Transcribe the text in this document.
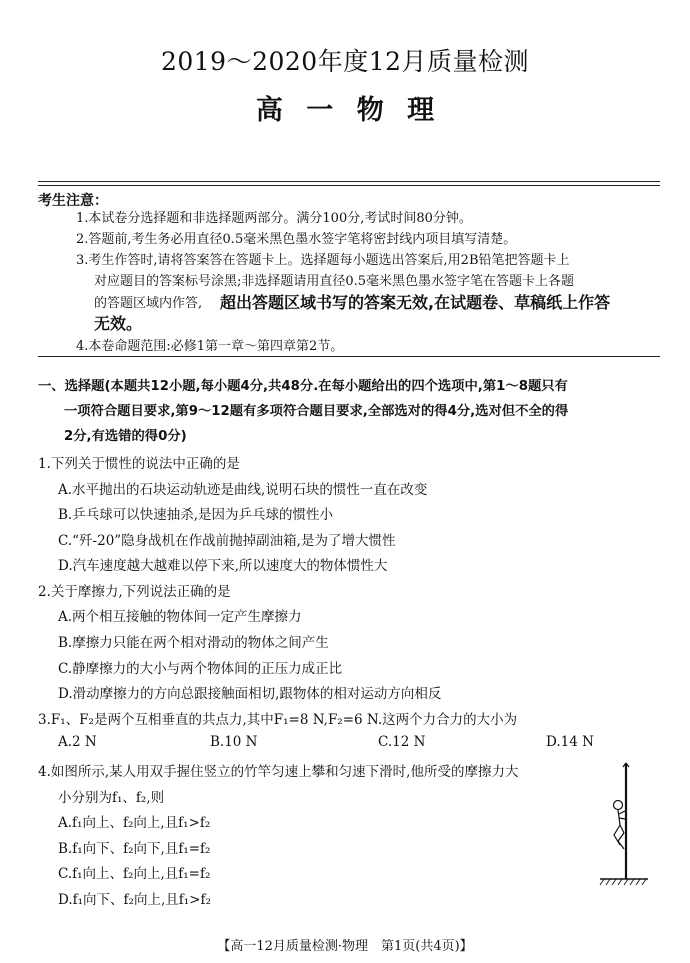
2019～2020年度12月质量检测
高 一 物 理
考生注意：
1.本试卷分选择题和非选择题两部分。满分100分,考试时间80分钟。
2.答题前,考生务必用直径0.5毫米黑色墨水签字笔将密封线内项目填写清楚。
3.考生作答时,请将答案答在答题卡上。选择题每小题选出答案后,用2B铅笔把答题卡上
对应题目的答案标号涂黑;非选择题请用直径0.5毫米黑色墨水签字笔在答题卡上各题
的答题区域内作答,	超出答题区域书写的答案无效,在试题卷、草稿纸上作答
无效。
4.本卷命题范围:必修1第一章～第四章第2节。
一、选择题(本题共12小题,每小题4分,共48分.在每小题给出的四个选项中,第1～8题只有
一项符合题目要求,第9～12题有多项符合题目要求,全部选对的得4分,选对但不全的得
2分,有选错的得0分)
1.下列关于惯性的说法中正确的是
A.水平抛出的石块运动轨迹是曲线,说明石块的惯性一直在改变
B.乒乓球可以快速抽杀,是因为乒乓球的惯性小
C.“歼-20”隐身战机在作战前抛掉副油箱,是为了增大惯性
D.汽车速度越大越难以停下来,所以速度大的物体惯性大
2.关于摩擦力,下列说法正确的是
A.两个相互接触的物体间一定产生摩擦力
B.摩擦力只能在两个相对滑动的物体之间产生
C.静摩擦力的大小与两个物体间的正压力成正比
D.滑动摩擦力的方向总跟接触面相切,跟物体的相对运动方向相反
3.F₁、F₂是两个互相垂直的共点力,其中F₁=8 N,F₂=6 N.这两个力合力的大小为
A.2 N	B.10 N	C.12 N	D.14 N
4.如图所示,某人用双手握住竖立的竹竿匀速上攀和匀速下滑时,他所受的摩擦力大
小分别为f₁、f₂,则
A.f₁向上、f₂向上,且f₁>f₂
B.f₁向下、f₂向下,且f₁=f₂
C.f₁向上、f₂向上,且f₁=f₂
D.f₁向下、f₂向上,且f₁>f₂
【高一12月质量检测·物理　第1页(共4页)】
